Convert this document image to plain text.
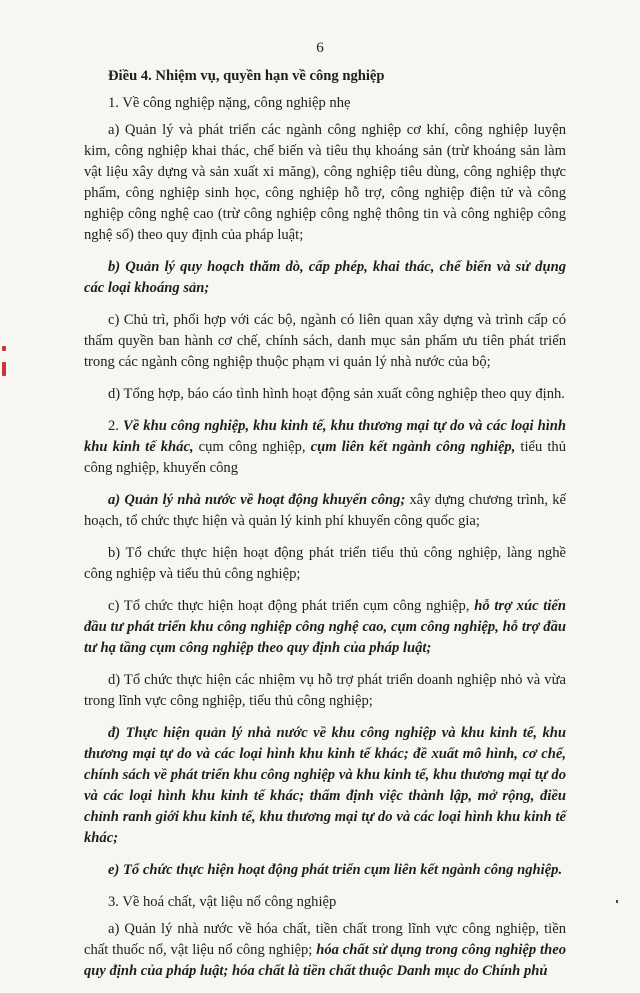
6

Điều 4. Nhiệm vụ, quyền hạn về công nghiệp

1. Về công nghiệp nặng, công nghiệp nhẹ

a) Quản lý và phát triển các ngành công nghiệp cơ khí, công nghiệp luyện kim, công nghiệp khai thác, chế biến và tiêu thụ khoáng sản (trừ khoáng sản làm vật liệu xây dựng và sản xuất xi măng), công nghiệp tiêu dùng, công nghiệp thực phẩm, công nghiệp sinh học, công nghiệp hỗ trợ, công nghiệp điện tử và công nghiệp công nghệ cao (trừ công nghiệp công nghệ thông tin và công nghiệp công nghệ số) theo quy định của pháp luật;

b) Quản lý quy hoạch thăm dò, cấp phép, khai thác, chế biến và sử dụng các loại khoáng sản;

c) Chủ trì, phối hợp với các bộ, ngành có liên quan xây dựng và trình cấp có thẩm quyền ban hành cơ chế, chính sách, danh mục sản phẩm ưu tiên phát triển trong các ngành công nghiệp thuộc phạm vi quản lý nhà nước của bộ;

d) Tổng hợp, báo cáo tình hình hoạt động sản xuất công nghiệp theo quy định.

2. Về khu công nghiệp, khu kinh tế, khu thương mại tự do và các loại hình khu kinh tế khác, cụm công nghiệp, cụm liên kết ngành công nghiệp, tiểu thủ công nghiệp, khuyến công

a) Quản lý nhà nước về hoạt động khuyến công; xây dựng chương trình, kế hoạch, tổ chức thực hiện và quản lý kinh phí khuyến công quốc gia;

b) Tổ chức thực hiện hoạt động phát triển tiểu thủ công nghiệp, làng nghề công nghiệp và tiểu thủ công nghiệp;

c) Tổ chức thực hiện hoạt động phát triển cụm công nghiệp, hỗ trợ xúc tiến đầu tư phát triển khu công nghiệp công nghệ cao, cụm công nghiệp, hỗ trợ đầu tư hạ tầng cụm công nghiệp theo quy định của pháp luật;

d) Tổ chức thực hiện các nhiệm vụ hỗ trợ phát triển doanh nghiệp nhỏ và vừa trong lĩnh vực công nghiệp, tiểu thủ công nghiệp;

đ) Thực hiện quản lý nhà nước về khu công nghiệp và khu kinh tế, khu thương mại tự do và các loại hình khu kinh tế khác; đề xuất mô hình, cơ chế, chính sách về phát triển khu công nghiệp và khu kinh tế, khu thương mại tự do và các loại hình khu kinh tế khác; thẩm định việc thành lập, mở rộng, điều chỉnh ranh giới khu kinh tế, khu thương mại tự do và các loại hình khu kinh tế khác;

e) Tổ chức thực hiện hoạt động phát triển cụm liên kết ngành công nghiệp.

3. Về hoá chất, vật liệu nổ công nghiệp

a) Quản lý nhà nước về hóa chất, tiền chất trong lĩnh vực công nghiệp, tiền chất thuốc nổ, vật liệu nổ công nghiệp; hóa chất sử dụng trong công nghiệp theo quy định của pháp luật; hóa chất là tiền chất thuộc Danh mục do Chính phủ
